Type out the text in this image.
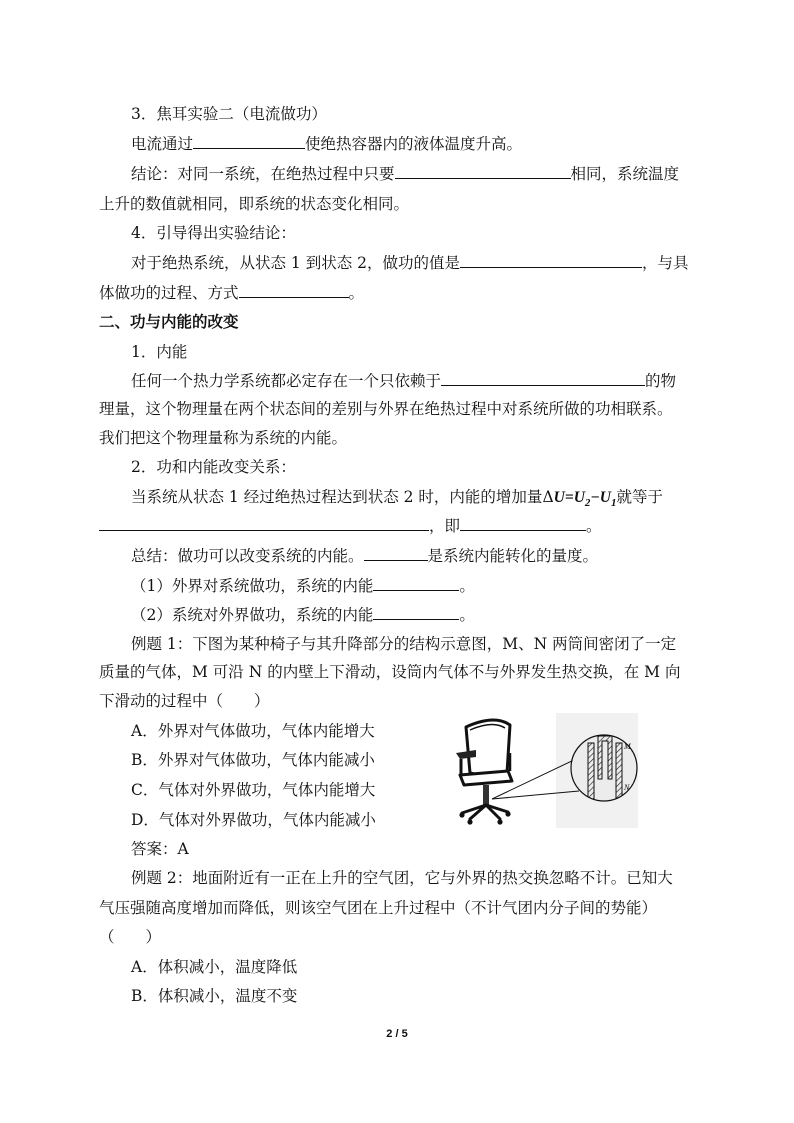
3．焦耳实验二（电流做功）
电流通过	使绝热容器内的液体温度升高。
结论：对同一系统，在绝热过程中只要	相同，系统温度
上升的数值就相同，即系统的状态变化相同。
4．引导得出实验结论：
对于绝热系统，从状态 1 到状态 2，做功的值是	，与具
体做功的过程、方式	。
二、功与内能的改变
1．内能
任何一个热力学系统都必定存在一个只依赖于	的物
理量，这个物理量在两个状态间的差别与外界在绝热过程中对系统所做的功相联系。
我们把这个物理量称为系统的内能。
2．功和内能改变关系：
当系统从状态 1 经过绝热过程达到状态 2 时，内能的增加量$\Delta U=U_2-U_1$就等于
，即	。
总结：做功可以改变系统的内能。	是系统内能转化的量度。
（1）外界对系统做功，系统的内能	。
（2）系统对外界做功，系统的内能	。
例题 1：下图为某种椅子与其升降部分的结构示意图，M、N 两筒间密闭了一定
质量的气体，M 可沿 N 的内壁上下滑动，设筒内气体不与外界发生热交换，在 M 向
下滑动的过程中（　　）
A．外界对气体做功，气体内能增大
B．外界对气体做功，气体内能减小
C．气体对外界做功，气体内能增大
D．气体对外界做功，气体内能减小
答案：A
例题 2：地面附近有一正在上升的空气团，它与外界的热交换忽略不计。已知大
气压强随高度增加而降低，则该空气团在上升过程中（不计气团内分子间的势能）
（　　）
A．体积减小，温度降低
B．体积减小，温度不变
M
N
2 / 5
